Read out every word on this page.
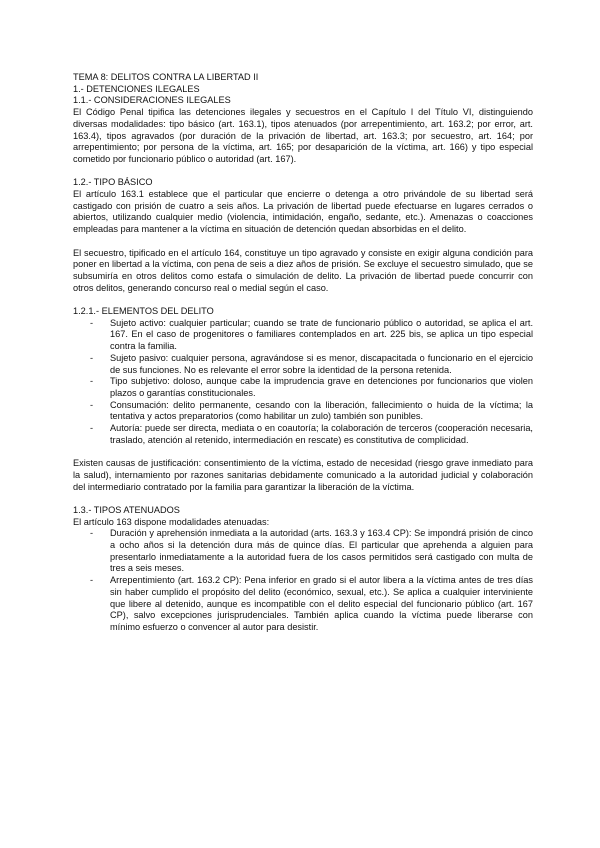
TEMA 8: DELITOS CONTRA LA LIBERTAD II
1.- DETENCIONES ILEGALES
1.1.- CONSIDERACIONES ILEGALES
El Código Penal tipifica las detenciones ilegales y secuestros en el Capítulo I del Título VI, distinguiendo diversas modalidades: tipo básico (art. 163.1), tipos atenuados (por arrepentimiento, art. 163.2; por error, art. 163.4), tipos agravados (por duración de la privación de libertad, art. 163.3; por secuestro, art. 164; por arrepentimiento; por persona de la víctima, art. 165; por desaparición de la víctima, art. 166) y tipo especial cometido por funcionario público o autoridad (art. 167).
1.2.- TIPO BÁSICO
El artículo 163.1 establece que el particular que encierre o detenga a otro privándole de su libertad será castigado con prisión de cuatro a seis años. La privación de libertad puede efectuarse en lugares cerrados o abiertos, utilizando cualquier medio (violencia, intimidación, engaño, sedante, etc.). Amenazas o coacciones empleadas para mantener a la víctima en situación de detención quedan absorbidas en el delito.
El secuestro, tipificado en el artículo 164, constituye un tipo agravado y consiste en exigir alguna condición para poner en libertad a la víctima, con pena de seis a diez años de prisión. Se excluye el secuestro simulado, que se subsumiría en otros delitos como estafa o simulación de delito. La privación de libertad puede concurrir con otros delitos, generando concurso real o medial según el caso.
1.2.1.- ELEMENTOS DEL DELITO
- Sujeto activo: cualquier particular; cuando se trate de funcionario público o autoridad, se aplica el art. 167. En el caso de progenitores o familiares contemplados en art. 225 bis, se aplica un tipo especial contra la familia.
- Sujeto pasivo: cualquier persona, agravándose si es menor, discapacitada o funcionario en el ejercicio de sus funciones. No es relevante el error sobre la identidad de la persona retenida.
- Tipo subjetivo: doloso, aunque cabe la imprudencia grave en detenciones por funcionarios que violen plazos o garantías constitucionales.
- Consumación: delito permanente, cesando con la liberación, fallecimiento o huida de la víctima; la tentativa y actos preparatorios (como habilitar un zulo) también son punibles.
- Autoría: puede ser directa, mediata o en coautoría; la colaboración de terceros (cooperación necesaria, traslado, atención al retenido, intermediación en rescate) es constitutiva de complicidad.
Existen causas de justificación: consentimiento de la víctima, estado de necesidad (riesgo grave inmediato para la salud), internamiento por razones sanitarias debidamente comunicado a la autoridad judicial y colaboración del intermediario contratado por la familia para garantizar la liberación de la víctima.
1.3.- TIPOS ATENUADOS
El artículo 163 dispone modalidades atenuadas:
- Duración y aprehensión inmediata a la autoridad (arts. 163.3 y 163.4 CP): Se impondrá prisión de cinco a ocho años si la detención dura más de quince días. El particular que aprehenda a alguien para presentarlo inmediatamente a la autoridad fuera de los casos permitidos será castigado con multa de tres a seis meses.
- Arrepentimiento (art. 163.2 CP): Pena inferior en grado si el autor libera a la víctima antes de tres días sin haber cumplido el propósito del delito (económico, sexual, etc.). Se aplica a cualquier interviniente que libere al detenido, aunque es incompatible con el delito especial del funcionario público (art. 167 CP), salvo excepciones jurisprudenciales. También aplica cuando la víctima puede liberarse con mínimo esfuerzo o convencer al autor para desistir.
